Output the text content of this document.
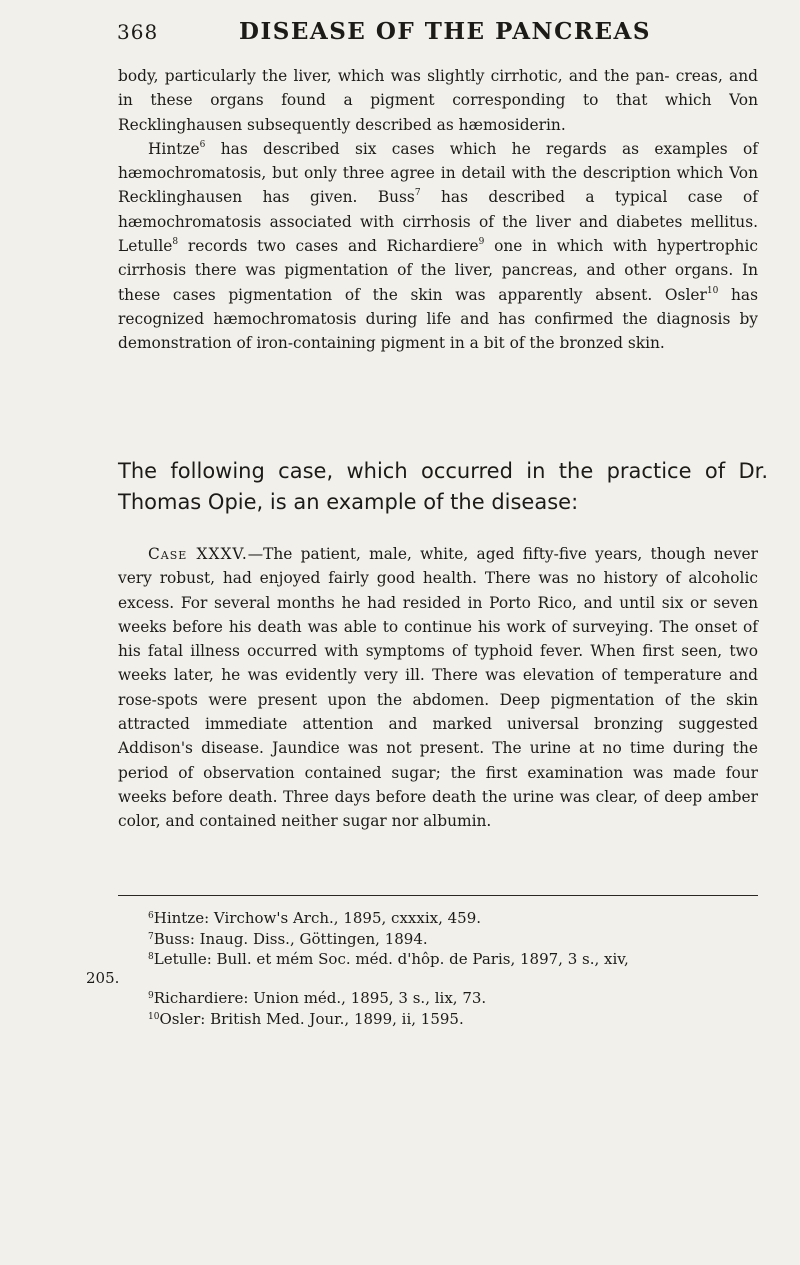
368	DISEASE OF THE PANCREAS

body, particularly the liver, which was slightly cirrhotic, and the pan- creas, and in these organs found a pigment corresponding to that which Von Recklinghausen subsequently described as hæmosiderin.

Hintze$^6$ has described six cases which he regards as examples of hæmochromatosis, but only three agree in detail with the description which Von Recklinghausen has given. Buss$^7$ has described a typical case of hæmochromatosis associated with cirrhosis of the liver and diabetes mellitus. Letulle$^8$ records two cases and Richardiere$^9$ one in which with hypertrophic cirrhosis there was pigmentation of the liver, pancreas, and other organs. In these cases pigmentation of the skin was apparently absent. Osler$^{10}$ has recognized hæmochromatosis during life and has confirmed the diagnosis by demonstration of iron-containing pigment in a bit of the bronzed skin.

The following case, which occurred in the practice of Dr. Thomas Opie, is an example of the disease:

Case XXXV.—The patient, male, white, aged fifty-five years, though never very robust, had enjoyed fairly good health. There was no history of alcoholic excess. For several months he had resided in Porto Rico, and until six or seven weeks before his death was able to continue his work of surveying. The onset of his fatal illness occurred with symptoms of typhoid fever. When first seen, two weeks later, he was evidently very ill. There was elevation of temperature and rose-spots were present upon the abdomen. Deep pigmentation of the skin attracted immediate attention and marked universal bronzing suggested Addison's disease. Jaundice was not present. The urine at no time during the period of observation contained sugar; the first examination was made four weeks before death. Three days before death the urine was clear, of deep amber color, and contained neither sugar nor albumin.

$^6$Hintze: Virchow's Arch., 1895, cxxxix, 459.

$^7$Buss: Inaug. Diss., Göttingen, 1894.

$^8$Letulle: Bull. et mém Soc. méd. d'hôp. de Paris, 1897, 3 s., xiv,

205.

$^9$Richardiere: Union méd., 1895, 3 s., lix, 73.

$^{10}$Osler: British Med. Jour., 1899, ii, 1595.
